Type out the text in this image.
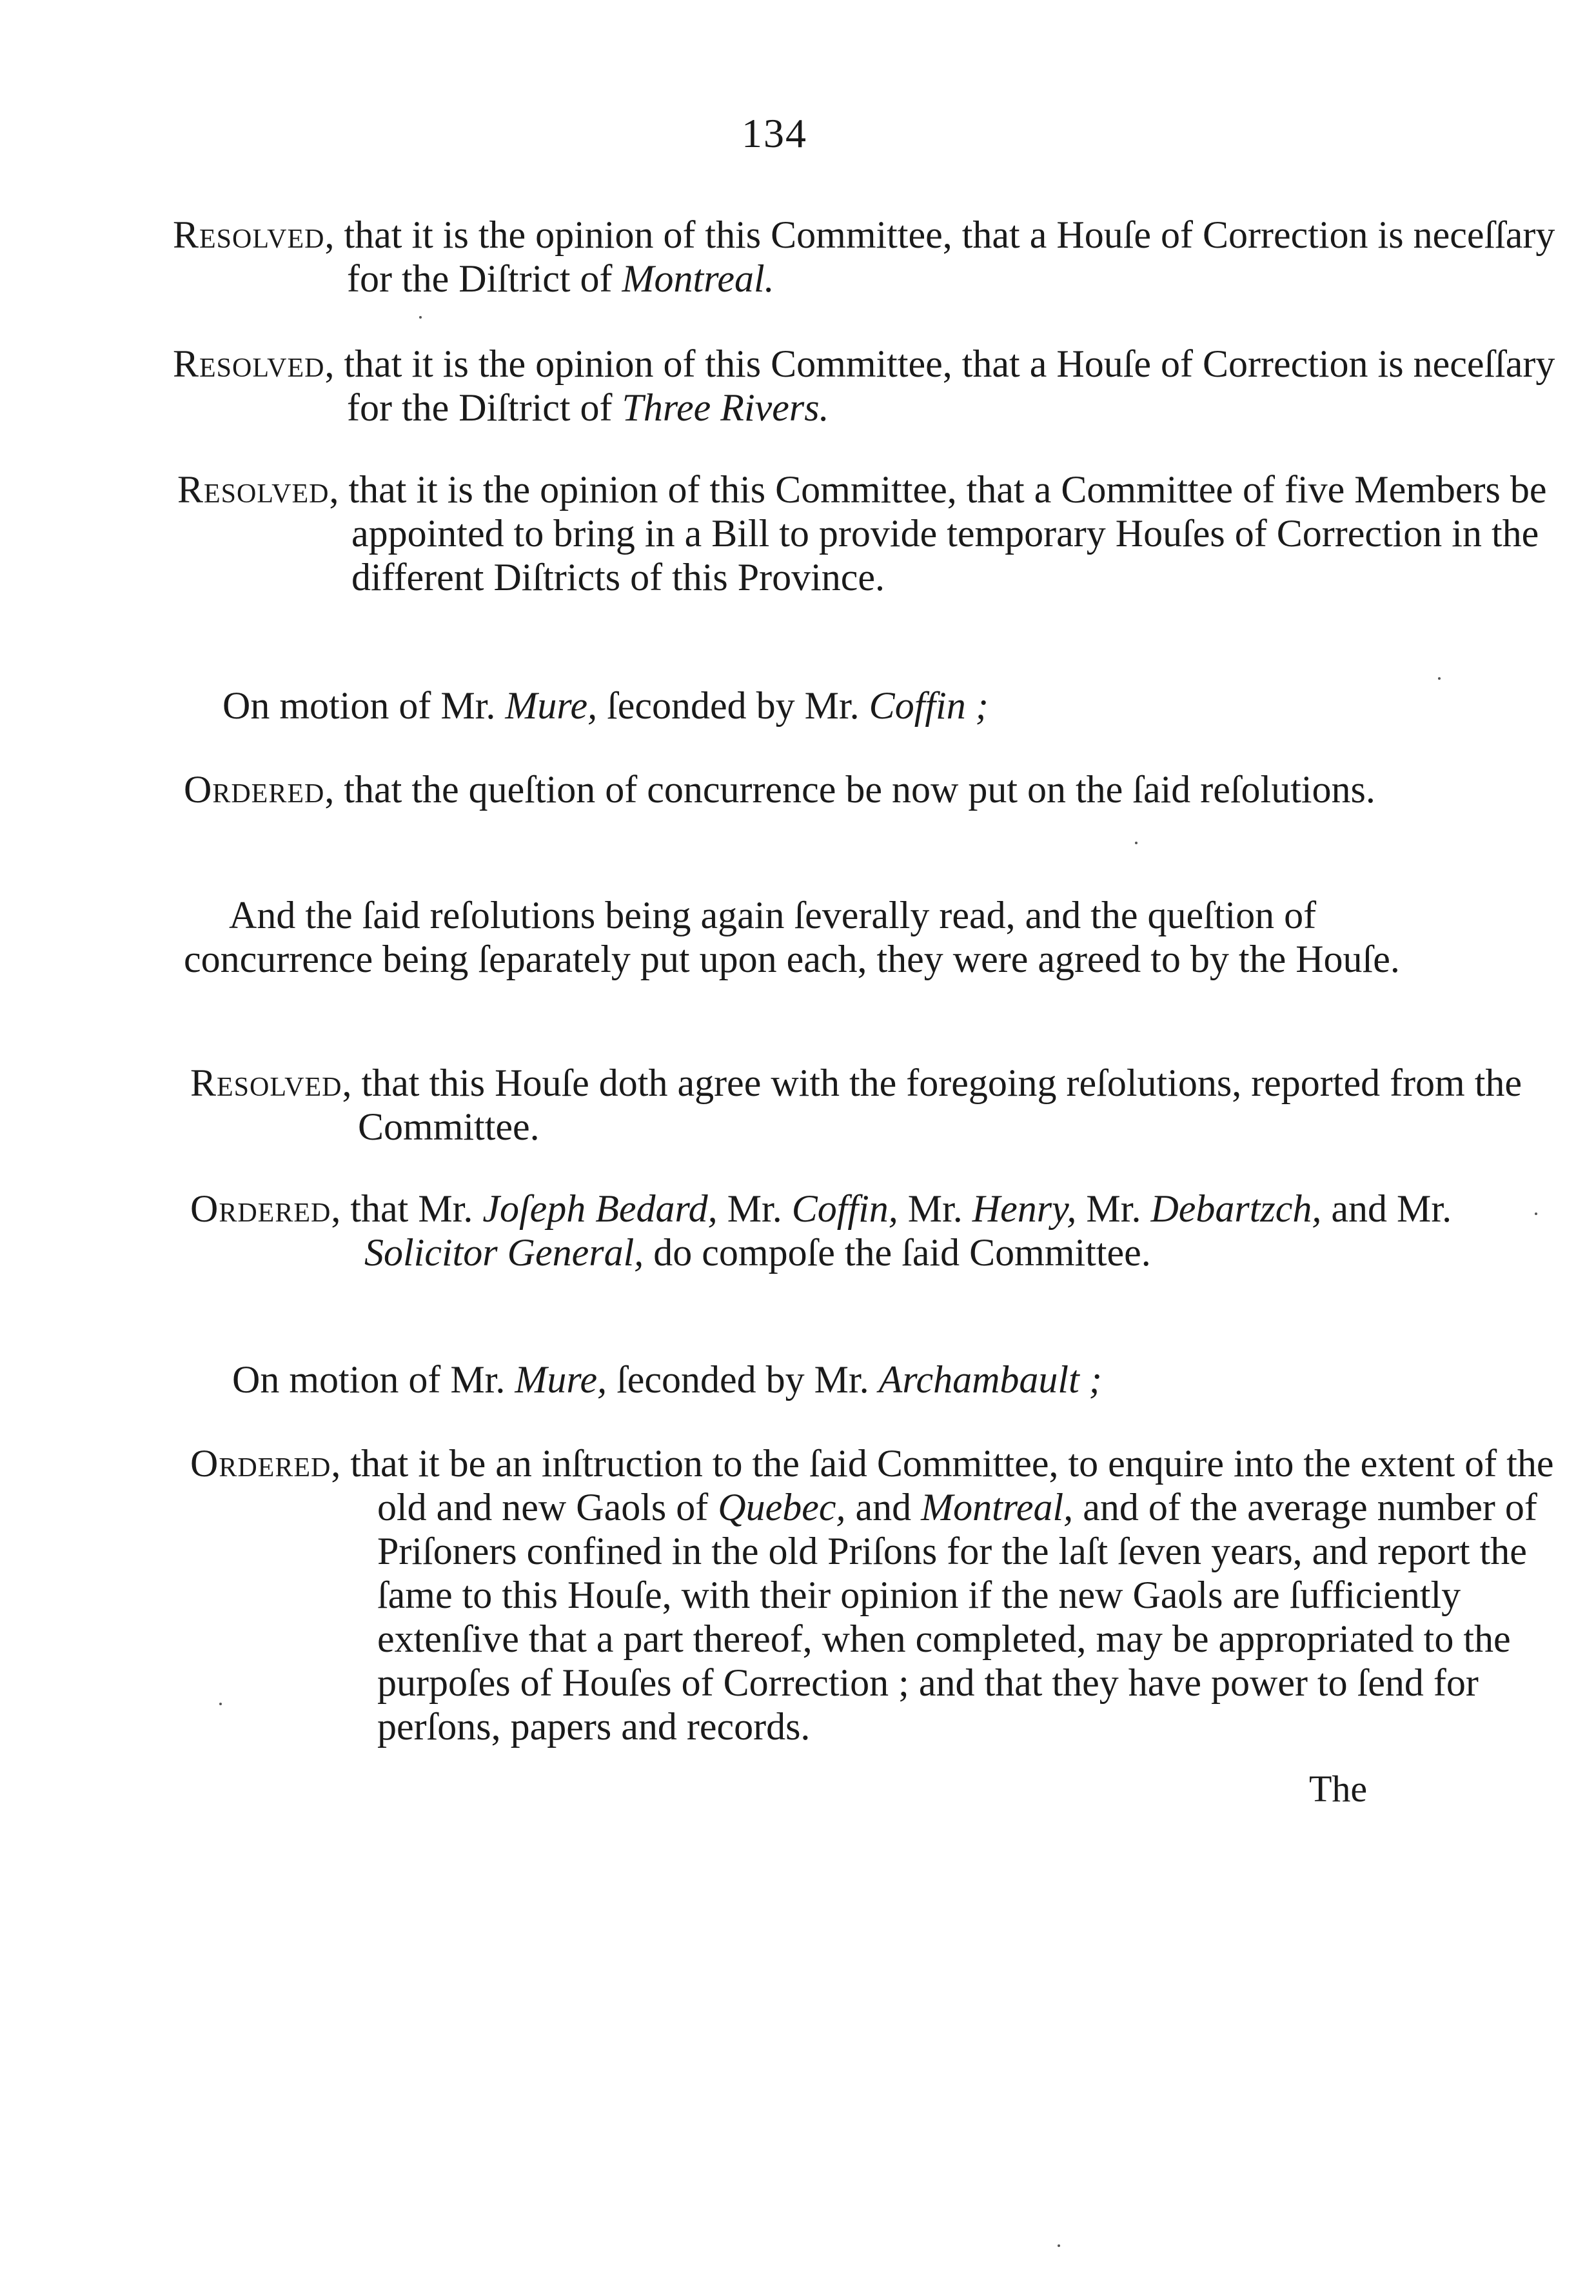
134

Resolved, that it is the opinion of this Committee, that a Houſe of Correction is neceſſary for the Diſtrict of Montreal.

Resolved, that it is the opinion of this Committee, that a Houſe of Correction is neceſſary for the Diſtrict of Three Rivers.

Resolved, that it is the opinion of this Committee, that a Committee of five Members be appointed to bring in a Bill to provide temporary Houſes of Correction in the different Diſtricts of this Province.

On motion of Mr. Mure, ſeconded by Mr. Coffin ;

Ordered, that the queſtion of concurrence be now put on the ſaid reſolutions.

And the ſaid reſolutions being again ſeverally read, and the queſtion of concurrence being ſeparately put upon each, they were agreed to by the Houſe.

Resolved, that this Houſe doth agree with the foregoing reſolutions, reported from the Committee.

Ordered, that Mr. Joſeph Bedard, Mr. Coffin, Mr. Henry, Mr. Debartzch, and Mr. Solicitor General, do compoſe the ſaid Committee.

On motion of Mr. Mure, ſeconded by Mr. Archambault ;

Ordered, that it be an inſtruction to the ſaid Committee, to enquire into the extent of the old and new Gaols of Quebec, and Montreal, and of the average number of Priſoners confined in the old Priſons for the laſt ſeven years, and report the ſame to this Houſe, with their opinion if the new Gaols are ſufficiently extenſive that a part thereof, when completed, may be appropriated to the purpoſes of Houſes of Correction ; and that they have power to ſend for perſons, papers and records.

The
